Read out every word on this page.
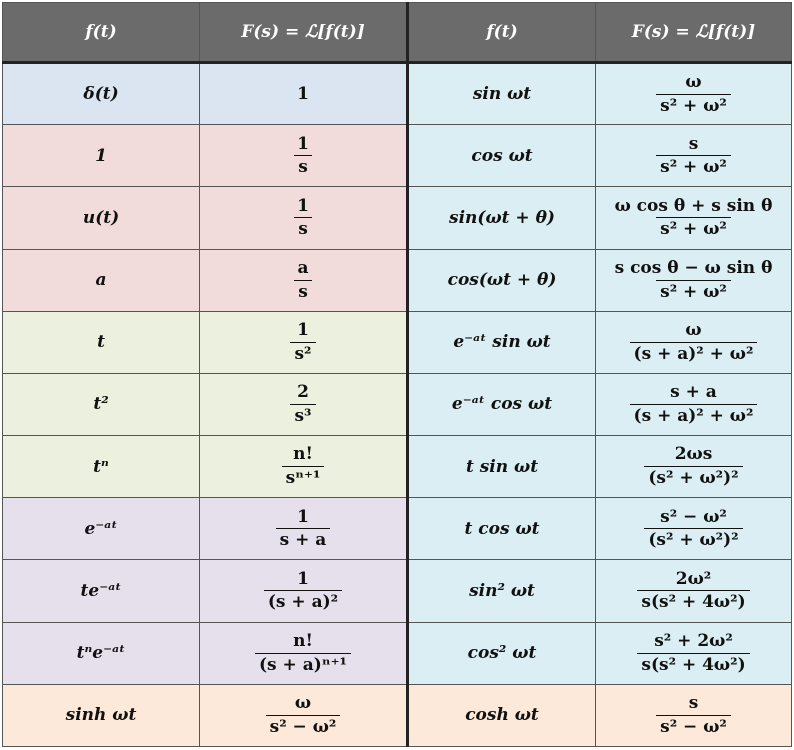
f(t)	F(s) = ℒ[f(t)]	f(t)	F(s) = ℒ[f(t)]
δ(t)	1	sin ωt	$\frac{\omega}{\text{s² + ω²}}$

1	$\frac{1}{s}$	cos ωt	$\frac{s}{\text{s² + ω²}}$

u(t)	$\frac{1}{s}$	sin(ωt + θ)	$\frac{\text{ω cos θ + s sin θ}}{\text{s² + ω²}}$

a	$\frac{a}{s}$	cos(ωt + θ)	$\frac{\text{s cos θ − ω sin θ}}{\text{s² + ω²}}$

t	$\frac{1}{\text{s²}}$	e⁻ᵃᵗ sin ωt	$\frac{\omega}{\text{(s + a)² + ω²}}$

t²	$\frac{2}{\text{s³}}$	e⁻ᵃᵗ cos ωt	$\frac{s + a}{\text{(s + a)² + ω²}}$

tⁿ	$\frac{n!}{\text{sⁿ⁺¹}}$	t sin ωt	$\frac{2\omega s}{\text{(s² + ω²)²}}$

e⁻ᵃᵗ	$\frac{1}{s + a}$	t cos ωt	$\frac{\text{s² − ω²}}{\text{(s² + ω²)²}}$

te⁻ᵃᵗ	$\frac{1}{\text{(s + a)²}}$	sin² ωt	$\frac{\text{2ω²}}{\text{s(s² + 4ω²)}}$

tⁿe⁻ᵃᵗ	$\frac{n!}{\text{(s + a)ⁿ⁺¹}}$	cos² ωt	$\frac{\text{s² + 2ω²}}{\text{s(s² + 4ω²)}}$

sinh ωt	$\frac{\omega}{\text{s² − ω²}}$	cosh ωt	$\frac{s}{\text{s² − ω²}}$
